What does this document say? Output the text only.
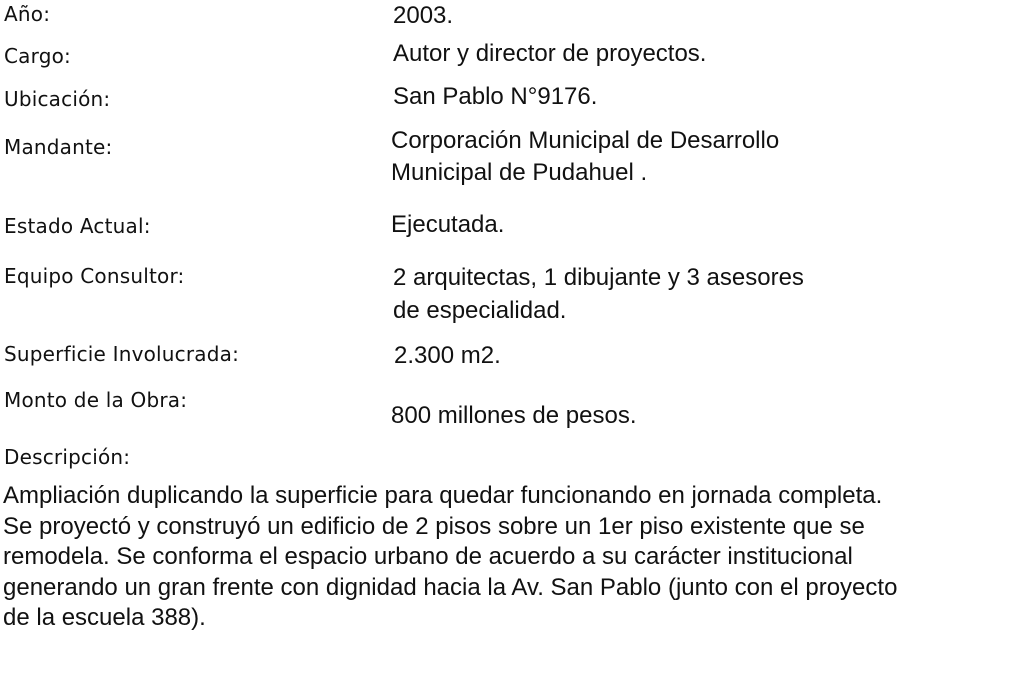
Año:	2003.
Cargo:	Autor y director de proyectos.
Ubicación:	San Pablo N°9176.
Mandante:	Corporación Municipal de Desarrollo
Municipal de Pudahuel .
Estado Actual:	Ejecutada.
Equipo Consultor:	2 arquitectas, 1 dibujante y 3 asesores
de especialidad.
Superficie Involucrada:	2.300 m2.
Monto de la Obra:
800 millones de pesos.
Descripción:
Ampliación duplicando la superficie para quedar funcionando en jornada completa.
Se proyectó y construyó un edificio de 2 pisos sobre un 1er piso existente que se
remodela. Se conforma el espacio urbano de acuerdo a su carácter institucional
generando un gran frente con dignidad hacia la Av. San Pablo (junto con el proyecto
de la escuela 388).
